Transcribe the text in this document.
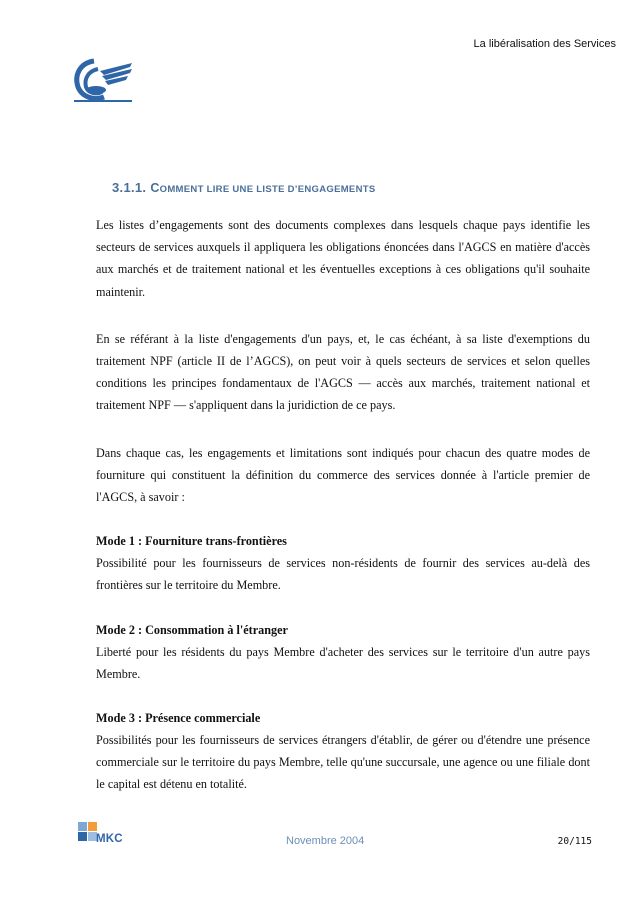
La libéralisation des Services
3.1.1. COMMENT LIRE UNE LISTE D’ENGAGEMENTS

Les listes d’engagements sont des documents complexes dans lesquels chaque pays identifie les secteurs de services auxquels il appliquera les obligations énoncées dans l'AGCS en matière d'accès aux marchés et de traitement national et les éventuelles exceptions à ces obligations qu'il souhaite maintenir.

En se référant à la liste d'engagements d'un pays, et, le cas échéant, à sa liste d'exemptions du traitement NPF (article II de l’AGCS), on peut voir à quels secteurs de services et selon quelles conditions les principes fondamentaux de l'AGCS — accès aux marchés, traitement national et traitement NPF — s'appliquent dans la juridiction de ce pays.

Dans chaque cas, les engagements et limitations sont indiqués pour chacun des quatre modes de fourniture qui constituent la définition du commerce des services donnée à l'article premier de l'AGCS, à savoir :

Mode 1 : Fourniture trans-frontières

Possibilité pour les fournisseurs de services non-résidents de fournir des services au-delà des frontières sur le territoire du Membre.

Mode 2 : Consommation à l'étranger

Liberté pour les résidents du pays Membre d'acheter des services sur le territoire d'un autre pays Membre.

Mode 3 : Présence commerciale

Possibilités pour les fournisseurs de services étrangers d'établir, de gérer ou d'étendre une présence commerciale sur le territoire du pays Membre, telle qu'une succursale, une agence ou une filiale dont le capital est détenu en totalité.

MKC	Novembre 2004	20/115
